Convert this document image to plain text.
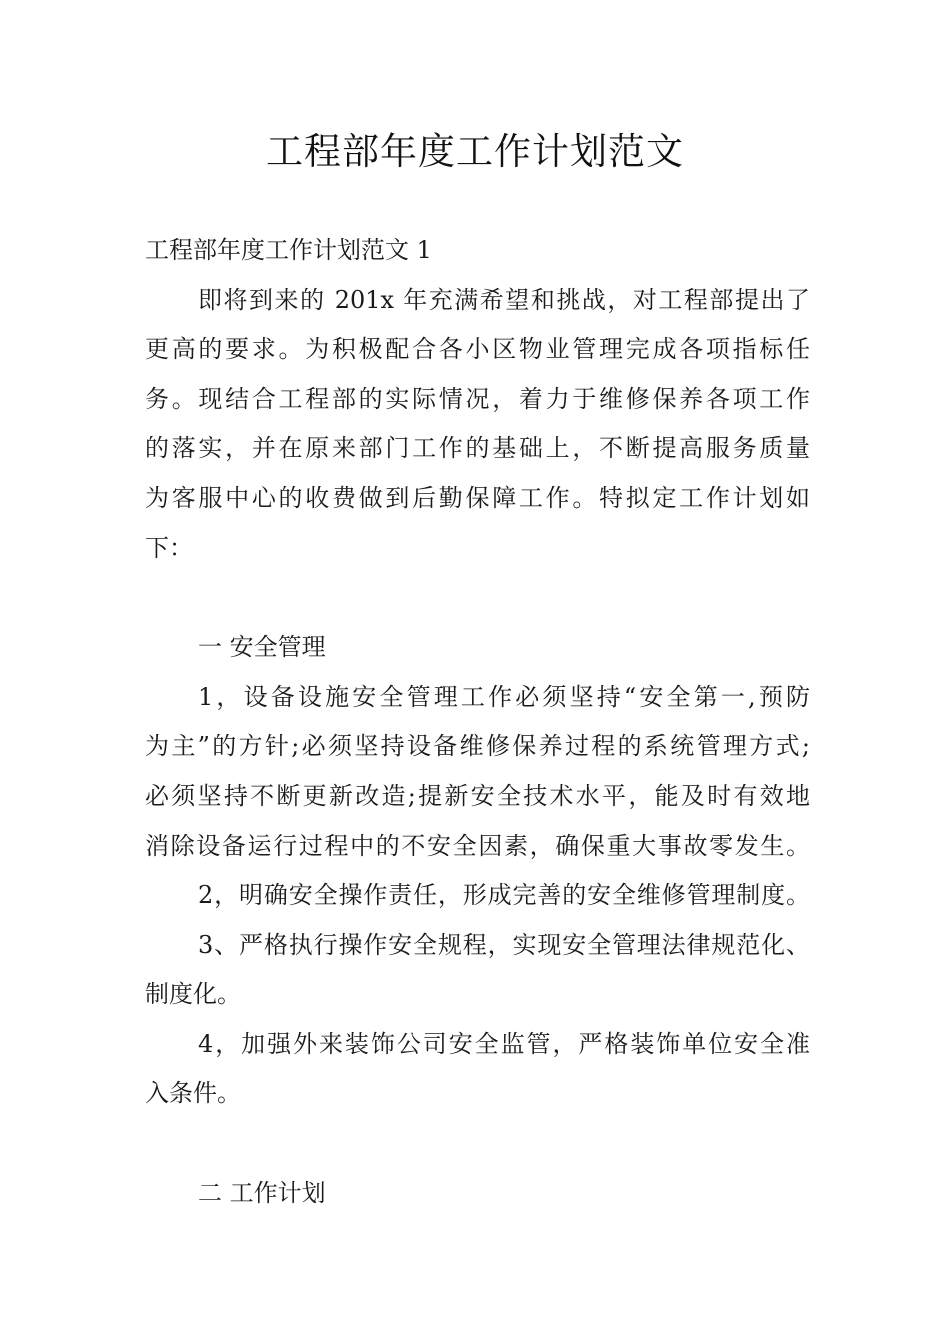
工程部年度工作计划范文
工程部年度工作计划范文 1
即将到来的 201x 年充满希望和挑战，对工程部提出了
更高的要求。为积极配合各小区物业管理完成各项指标任
务。现结合工程部的实际情况，着力于维修保养各项工作
的落实，并在原来部门工作的基础上，不断提高服务质量
为客服中心的收费做到后勤保障工作。特拟定工作计划如
下：
一 安全管理
1，设备设施安全管理工作必须坚持“安全第一,预防
为主”的方针;必须坚持设备维修保养过程的系统管理方式;
必须坚持不断更新改造;提新安全技术水平，能及时有效地
消除设备运行过程中的不安全因素，确保重大事故零发生。
2，明确安全操作责任，形成完善的安全维修管理制度。
3、严格执行操作安全规程，实现安全管理法律规范化、
制度化。
4，加强外来装饰公司安全监管，严格装饰单位安全准
入条件。
二 工作计划
